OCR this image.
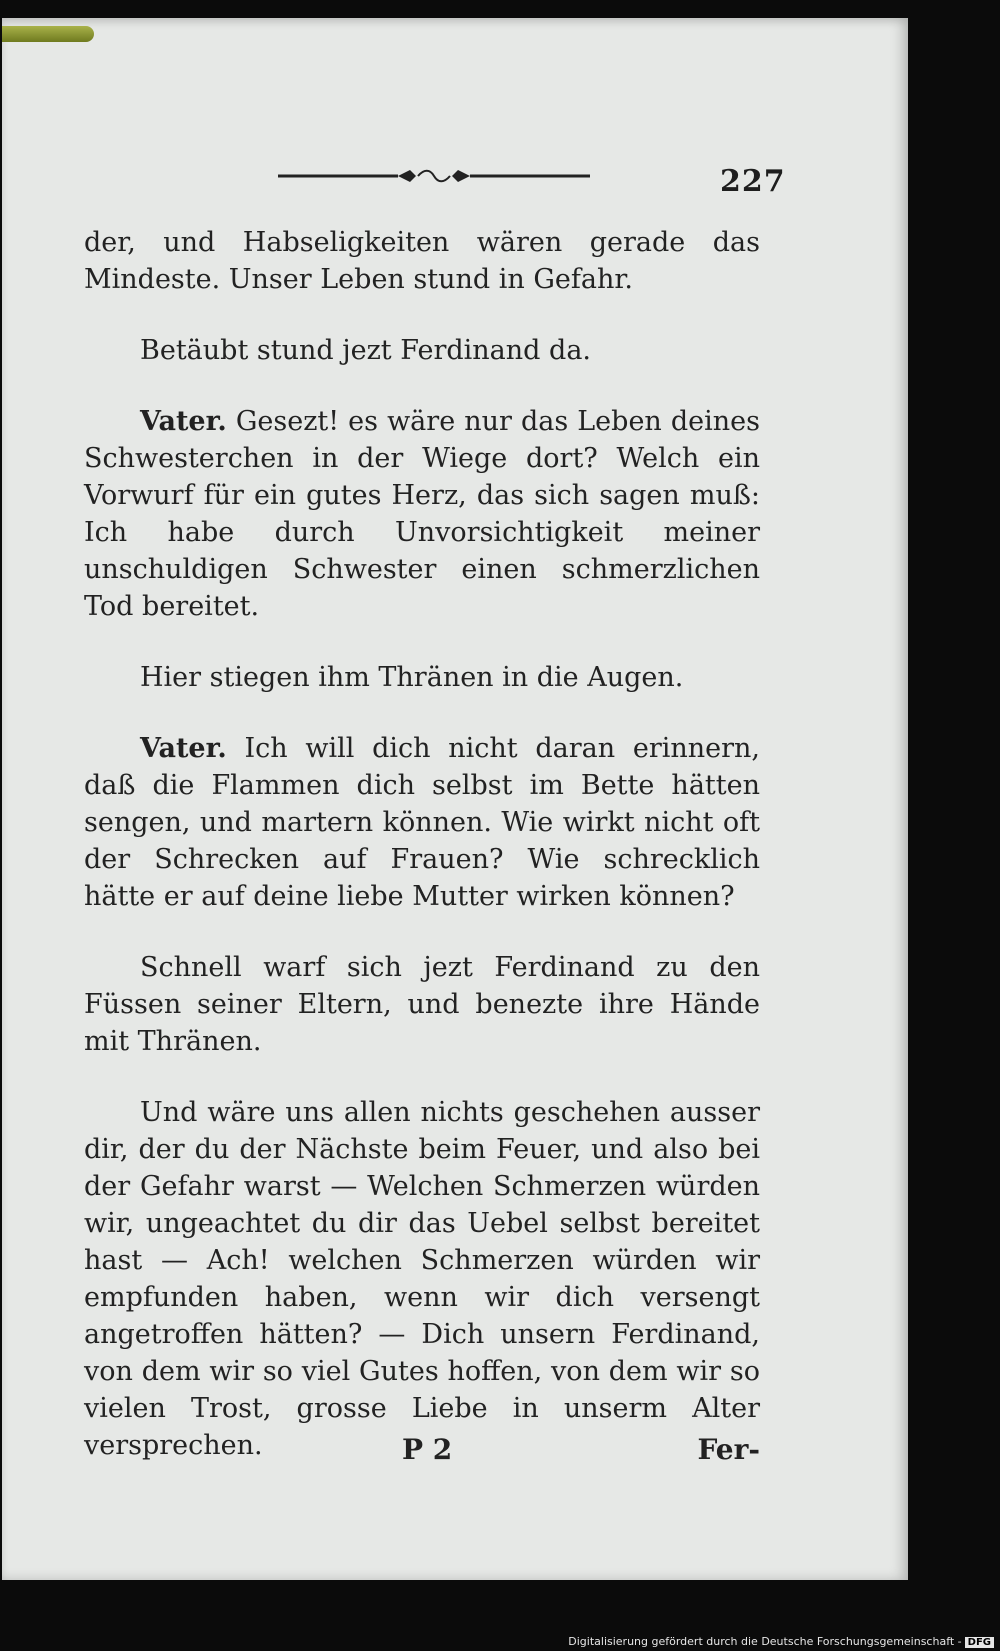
227

der, und Habseligkeiten wären gerade das Mindeste. Unser Leben stund in Gefahr.

Betäubt stund jezt Ferdinand da.

Vater. Gesezt! es wäre nur das Leben deines Schwesterchen in der Wiege dort? Welch ein Vorwurf für ein gutes Herz, das sich sagen muß: Ich habe durch Unvorsichtigkeit meiner unschuldigen Schwester einen schmerzlichen Tod bereitet.

Hier stiegen ihm Thränen in die Augen.

Vater. Ich will dich nicht daran erinnern, daß die Flammen dich selbst im Bette hätten sengen, und martern können. Wie wirkt nicht oft der Schrecken auf Frauen? Wie schrecklich hätte er auf deine liebe Mutter wirken können?

Schnell warf sich jezt Ferdinand zu den Füssen seiner Eltern, und benezte ihre Hände mit Thränen.

Und wäre uns allen nichts geschehen ausser dir, der du der Nächste beim Feuer, und also bei der Gefahr warst — Welchen Schmerzen würden wir, ungeachtet du dir das Uebel selbst bereitet hast — Ach! welchen Schmerzen würden wir empfunden haben, wenn wir dich versengt angetroffen hätten? — Dich unsern Ferdinand, von dem wir so viel Gutes hoffen, von dem wir so vielen Trost, grosse Liebe in unserm Alter versprechen.	P 2	Fer-
Digitalisierung gefördert durch die Deutsche Forschungsgemeinschaft - DFG
